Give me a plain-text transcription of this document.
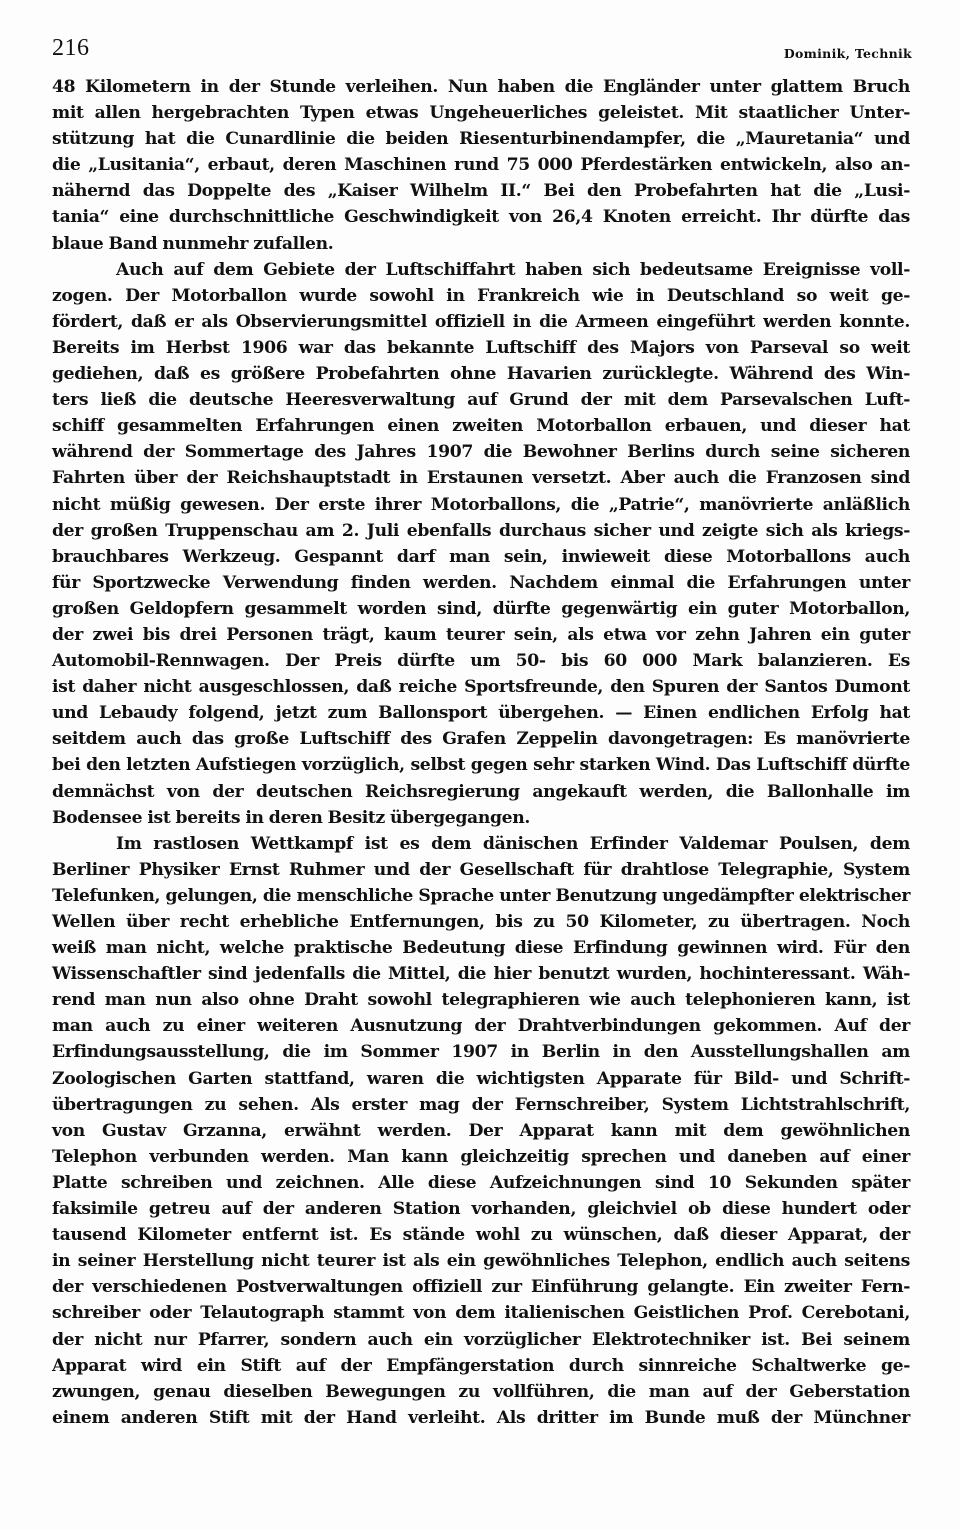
216	Dominik, Technik
48 Kilometern in der Stunde verleihen. Nun haben die Engländer unter glattem Bruch
mit allen hergebrachten Typen etwas Ungeheuerliches geleistet. Mit staatlicher Unter-
stützung hat die Cunardlinie die beiden Riesenturbinendampfer, die „Mauretania“ und
die „Lusitania“, erbaut, deren Maschinen rund 75 000 Pferdestärken entwickeln, also an-
nähernd das Doppelte des „Kaiser Wilhelm II.“ Bei den Probefahrten hat die „Lusi-
tania“ eine durchschnittliche Geschwindigkeit von 26,4 Knoten erreicht. Ihr dürfte das
blaue Band nunmehr zufallen.
Auch auf dem Gebiete der Luftschiffahrt haben sich bedeutsame Ereignisse voll-
zogen. Der Motorballon wurde sowohl in Frankreich wie in Deutschland so weit ge-
fördert, daß er als Observierungsmittel offiziell in die Armeen eingeführt werden konnte.
Bereits im Herbst 1906 war das bekannte Luftschiff des Majors von Parseval so weit
gediehen, daß es größere Probefahrten ohne Havarien zurücklegte. Während des Win-
ters ließ die deutsche Heeresverwaltung auf Grund der mit dem Parsevalschen Luft-
schiff gesammelten Erfahrungen einen zweiten Motorballon erbauen, und dieser hat
während der Sommertage des Jahres 1907 die Bewohner Berlins durch seine sicheren
Fahrten über der Reichshauptstadt in Erstaunen versetzt. Aber auch die Franzosen sind
nicht müßig gewesen. Der erste ihrer Motorballons, die „Patrie“, manövrierte anläßlich
der großen Truppenschau am 2. Juli ebenfalls durchaus sicher und zeigte sich als kriegs-
brauchbares Werkzeug. Gespannt darf man sein, inwieweit diese Motorballons auch
für Sportzwecke Verwendung finden werden. Nachdem einmal die Erfahrungen unter
großen Geldopfern gesammelt worden sind, dürfte gegenwärtig ein guter Motorballon,
der zwei bis drei Personen trägt, kaum teurer sein, als etwa vor zehn Jahren ein guter
Automobil-Rennwagen. Der Preis dürfte um 50- bis 60 000 Mark balanzieren. Es
ist daher nicht ausgeschlossen, daß reiche Sportsfreunde, den Spuren der Santos Dumont
und Lebaudy folgend, jetzt zum Ballonsport übergehen. — Einen endlichen Erfolg hat
seitdem auch das große Luftschiff des Grafen Zeppelin davongetragen: Es manövrierte
bei den letzten Aufstiegen vorzüglich, selbst gegen sehr starken Wind. Das Luftschiff dürfte
demnächst von der deutschen Reichsregierung angekauft werden, die Ballonhalle im
Bodensee ist bereits in deren Besitz übergegangen.
Im rastlosen Wettkampf ist es dem dänischen Erfinder Valdemar Poulsen, dem
Berliner Physiker Ernst Ruhmer und der Gesellschaft für drahtlose Telegraphie, System
Telefunken, gelungen, die menschliche Sprache unter Benutzung ungedämpfter elektrischer
Wellen über recht erhebliche Entfernungen, bis zu 50 Kilometer, zu übertragen. Noch
weiß man nicht, welche praktische Bedeutung diese Erfindung gewinnen wird. Für den
Wissenschaftler sind jedenfalls die Mittel, die hier benutzt wurden, hochinteressant. Wäh-
rend man nun also ohne Draht sowohl telegraphieren wie auch telephonieren kann, ist
man auch zu einer weiteren Ausnutzung der Drahtverbindungen gekommen. Auf der
Erfindungsausstellung, die im Sommer 1907 in Berlin in den Ausstellungshallen am
Zoologischen Garten stattfand, waren die wichtigsten Apparate für Bild- und Schrift-
übertragungen zu sehen. Als erster mag der Fernschreiber, System Lichtstrahlschrift,
von Gustav Grzanna, erwähnt werden. Der Apparat kann mit dem gewöhnlichen
Telephon verbunden werden. Man kann gleichzeitig sprechen und daneben auf einer
Platte schreiben und zeichnen. Alle diese Aufzeichnungen sind 10 Sekunden später
faksimile getreu auf der anderen Station vorhanden, gleichviel ob diese hundert oder
tausend Kilometer entfernt ist. Es stände wohl zu wünschen, daß dieser Apparat, der
in seiner Herstellung nicht teurer ist als ein gewöhnliches Telephon, endlich auch seitens
der verschiedenen Postverwaltungen offiziell zur Einführung gelangte. Ein zweiter Fern-
schreiber oder Telautograph stammt von dem italienischen Geistlichen Prof. Cerebotani,
der nicht nur Pfarrer, sondern auch ein vorzüglicher Elektrotechniker ist. Bei seinem
Apparat wird ein Stift auf der Empfängerstation durch sinnreiche Schaltwerke ge-
zwungen, genau dieselben Bewegungen zu vollführen, die man auf der Geberstation
einem anderen Stift mit der Hand verleiht. Als dritter im Bunde muß der Münchner
